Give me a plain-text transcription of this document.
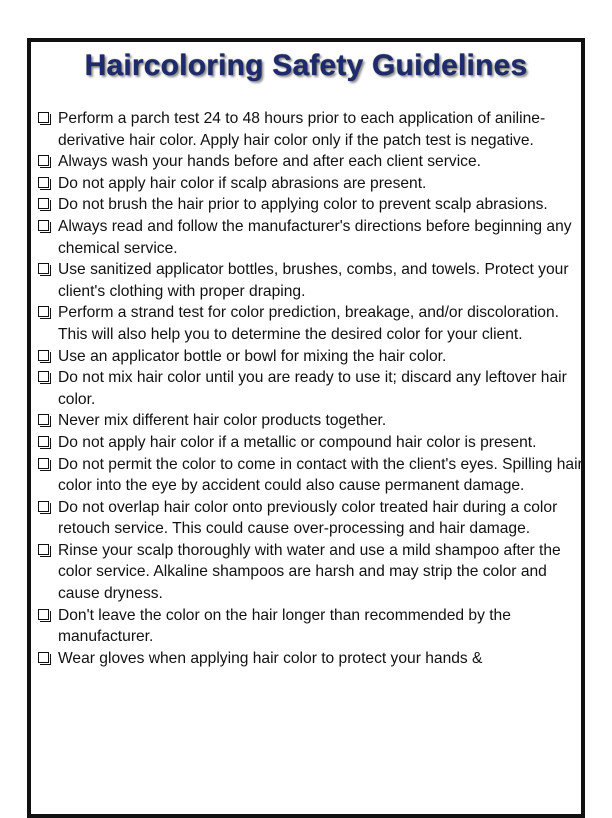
Haircoloring Safety Guidelines
Perform a parch test 24 to 48 hours prior to each application of aniline-derivative hair color. Apply hair color only if the patch test is negative.
Always wash your hands before and after each client service.
Do not apply hair color if scalp abrasions are present.
Do not brush the hair prior to applying color to prevent scalp abrasions.
Always read and follow the manufacturer's directions before beginning any chemical service.
Use sanitized applicator bottles, brushes, combs, and towels. Protect your client's clothing with proper draping.
Perform a strand test for color prediction, breakage, and/or discoloration. This will also help you to determine the desired color for your client.
Use an applicator bottle or bowl for mixing the hair color.
Do not mix hair color until you are ready to use it; discard any leftover hair color.
Never mix different hair color products together.
Do not apply hair color if a metallic or compound hair color is present.
Do not permit the color to come in contact with the client's eyes. Spilling hair color into the eye by accident could also cause permanent damage.
Do not overlap hair color onto previously color treated hair during a color retouch service. This could cause over-processing and hair damage.
Rinse your scalp thoroughly with water and use a mild shampoo after the color service. Alkaline shampoos are harsh and may strip the color and cause dryness.
Don't leave the color on the hair longer than recommended by the manufacturer.
Wear gloves when applying hair color to protect your hands &
